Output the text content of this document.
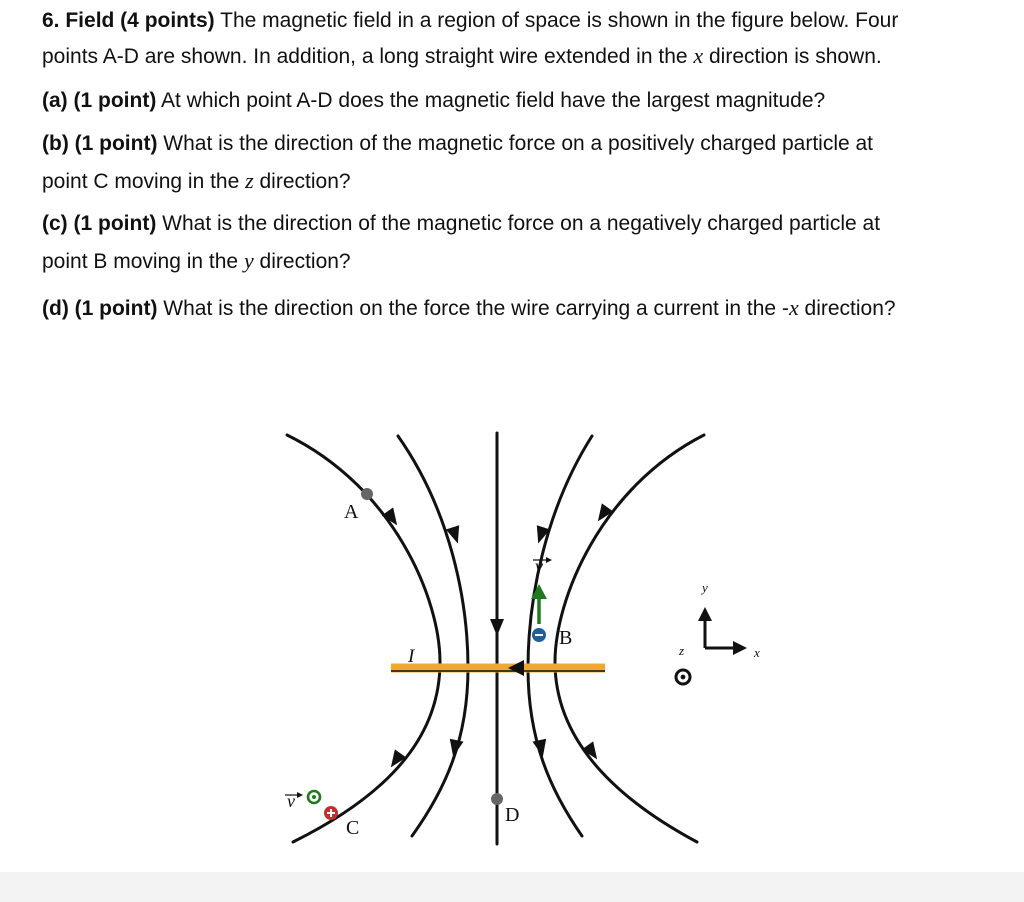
6. Field (4 points) The magnetic field in a region of space is shown in the figure below. Four

points A-D are shown. In addition, a long straight wire extended in the x direction is shown.

(a) (1 point) At which point A-D does the magnetic field have the largest magnitude?

(b) (1 point) What is the direction of the magnetic force on a positively charged particle at

point C moving in the z direction?

(c) (1 point) What is the direction of the magnetic force on a negatively charged particle at

point B moving in the y direction?

(d) (1 point) What is the direction on the force the wire carrying a current in the -x direction?

I
A
D
v
B
v
C
y
x
z
